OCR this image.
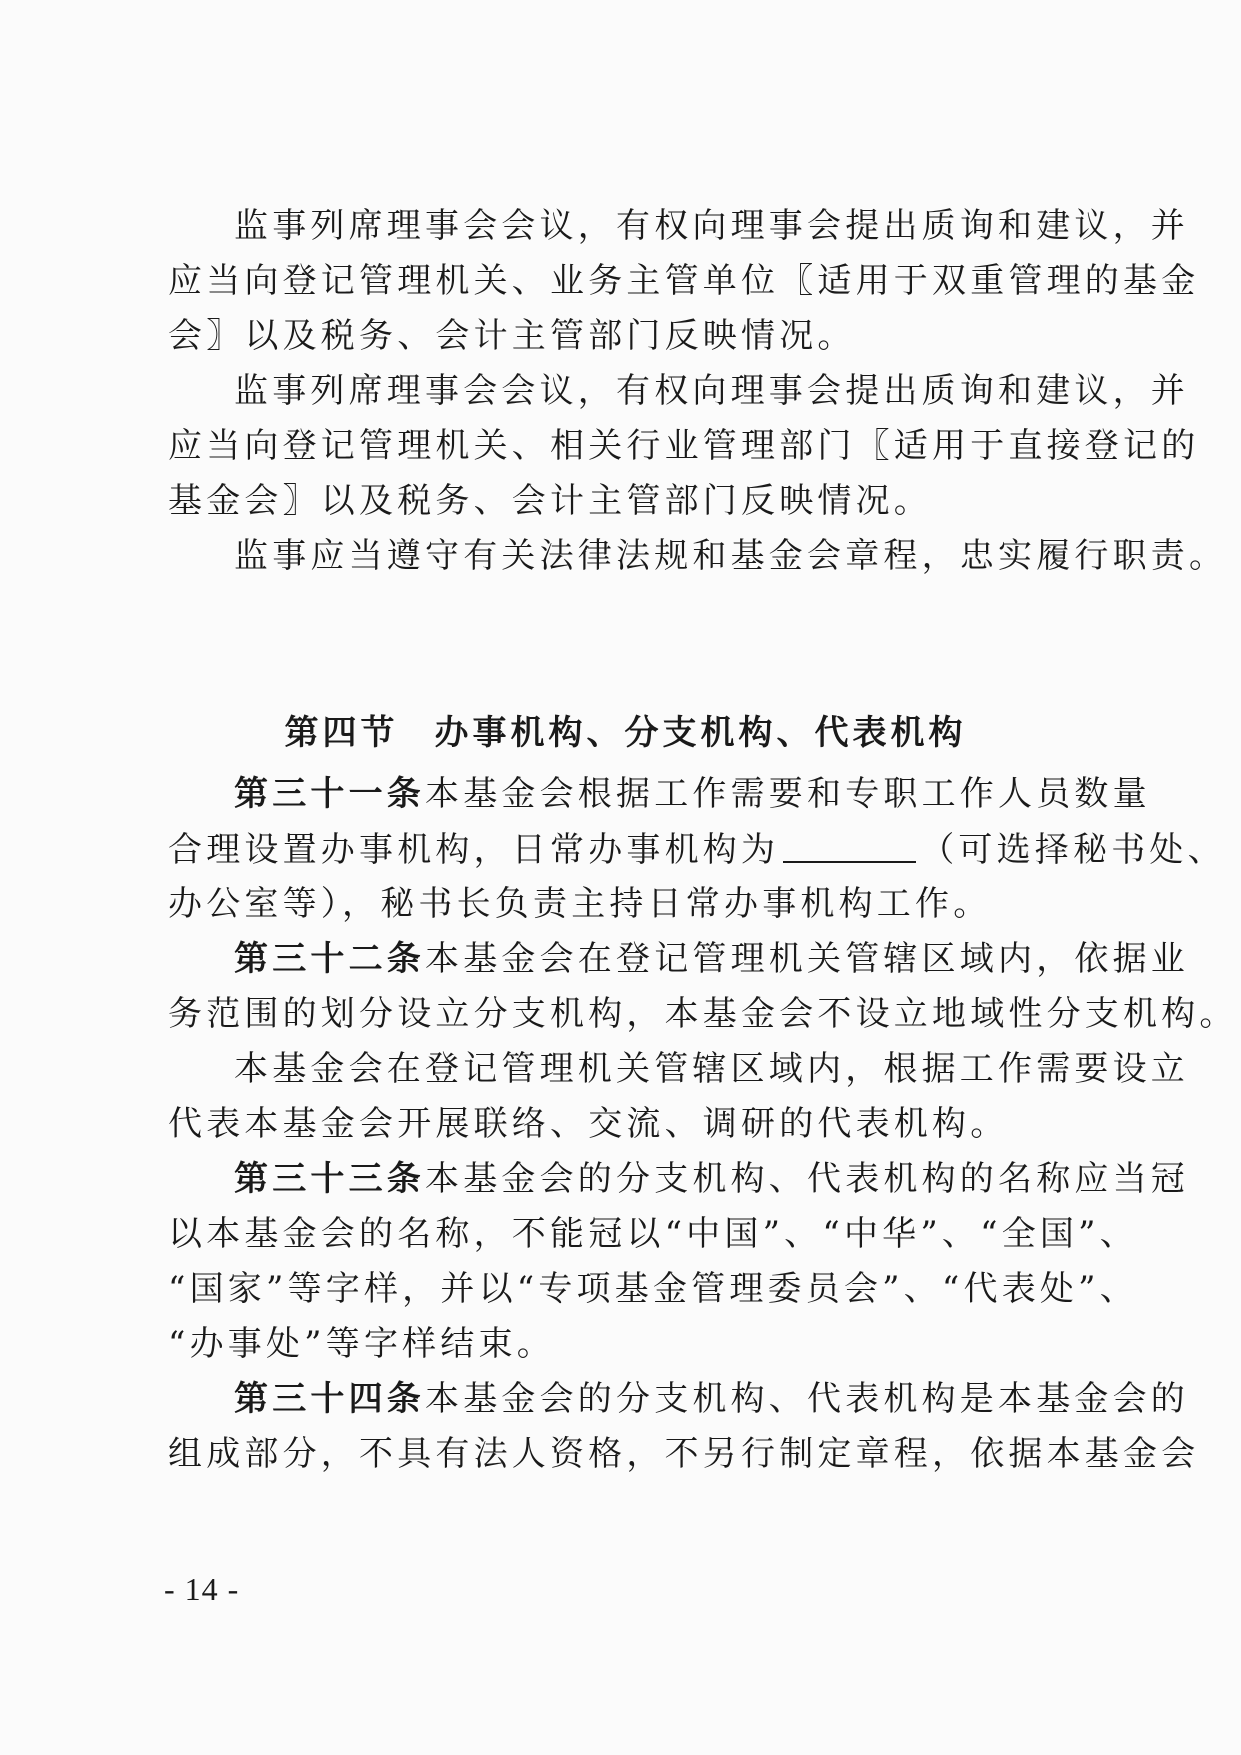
监事列席理事会会议，有权向理事会提出质询和建议，并
应当向登记管理机关、业务主管单位〖适用于双重管理的基金
会〗以及税务、会计主管部门反映情况。
监事列席理事会会议，有权向理事会提出质询和建议，并
应当向登记管理机关、相关行业管理部门〖适用于直接登记的
基金会〗以及税务、会计主管部门反映情况。
监事应当遵守有关法律法规和基金会章程，忠实履行职责。
第四节 办事机构、分支机构、代表机构
第三十一条本基金会根据工作需要和专职工作人员数量
合理设置办事机构，日常办事机构为	（可选择秘书处、
办公室等），秘书长负责主持日常办事机构工作。
第三十二条本基金会在登记管理机关管辖区域内，依据业
务范围的划分设立分支机构，本基金会不设立地域性分支机构。
本基金会在登记管理机关管辖区域内，根据工作需要设立
代表本基金会开展联络、交流、调研的代表机构。
第三十三条本基金会的分支机构、代表机构的名称应当冠
以本基金会的名称，不能冠以“中国”、“中华”、“全国”、
“国家”等字样，并以“专项基金管理委员会”、“代表处”、
“办事处”等字样结束。
第三十四条本基金会的分支机构、代表机构是本基金会的
组成部分，不具有法人资格，不另行制定章程，依据本基金会
- 14 -
